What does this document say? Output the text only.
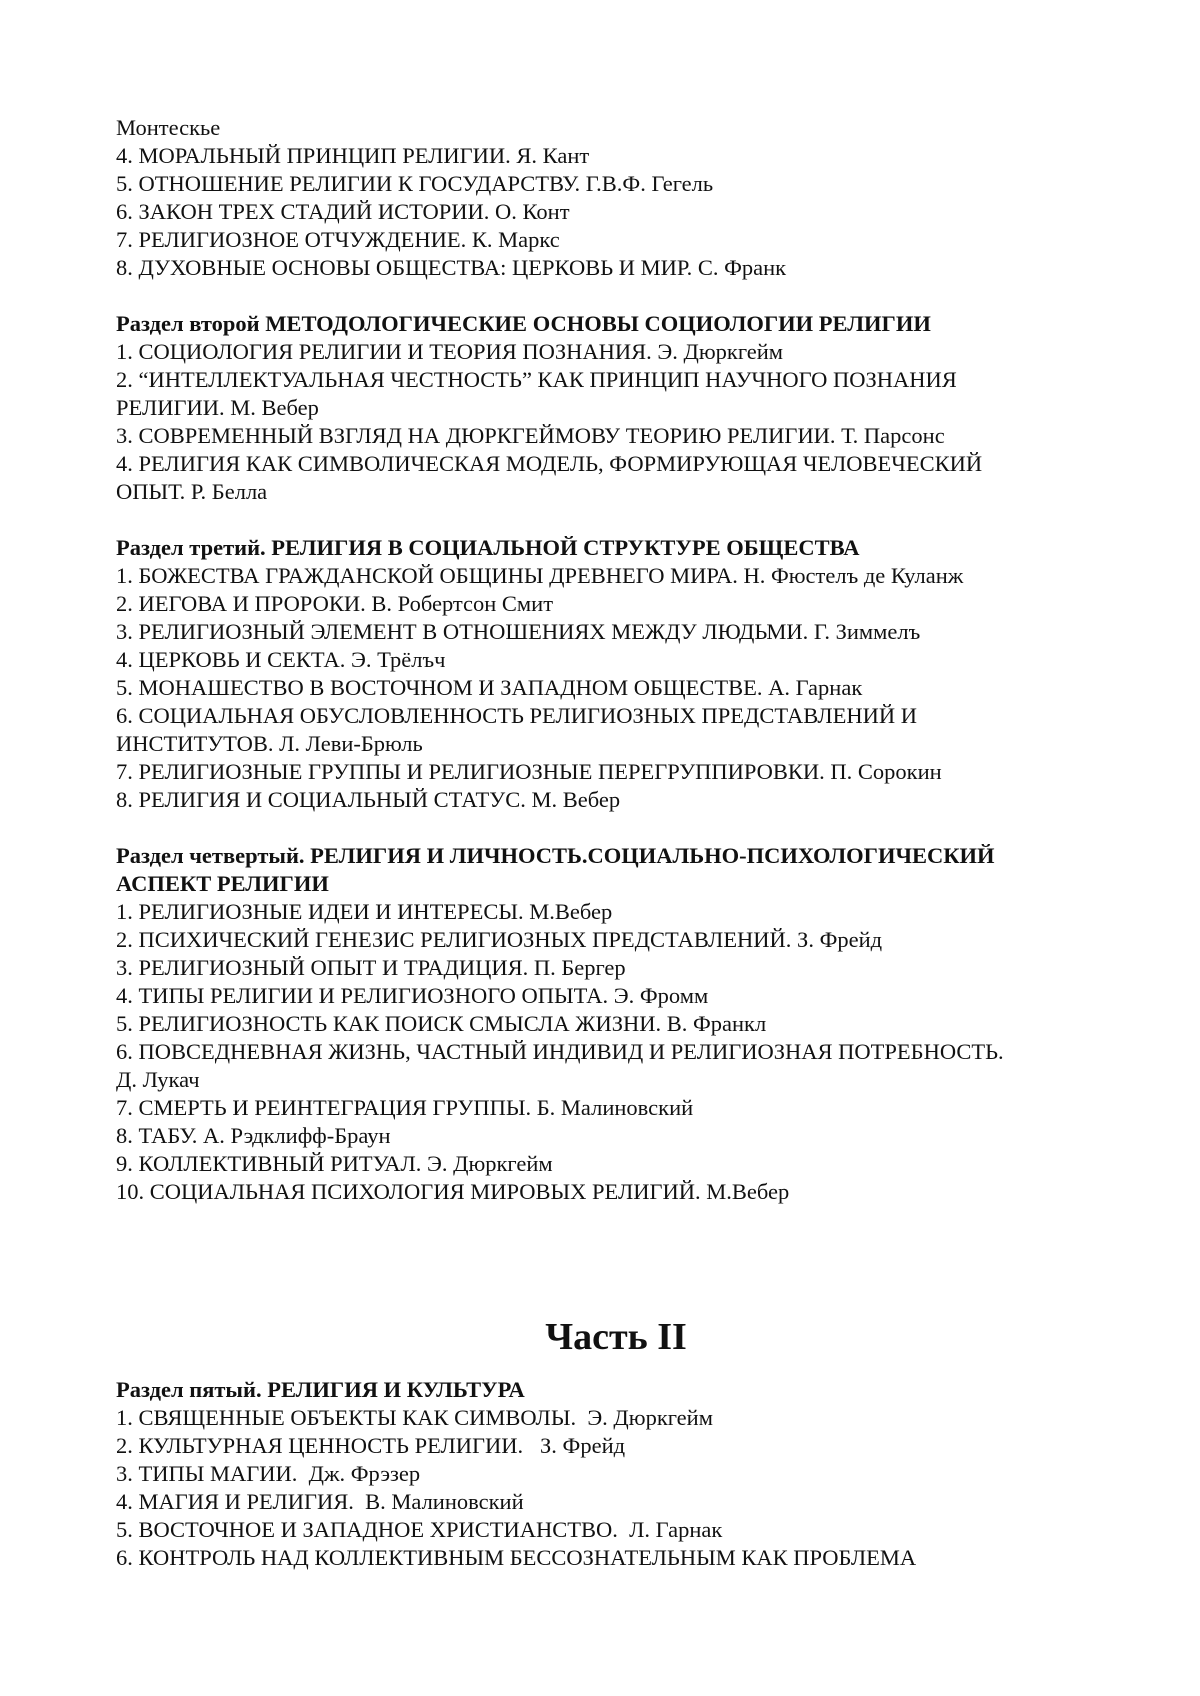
Монтескье
4. МОРАЛЬНЫЙ ПРИНЦИП РЕЛИГИИ. Я. Кант
5. ОТНОШЕНИЕ РЕЛИГИИ К ГОСУДАРСТВУ. Г.В.Ф. Гегель
6. ЗАКОН ТРЕХ СТАДИЙ ИСТОРИИ. О. Конт
7. РЕЛИГИОЗНОЕ ОТЧУЖДЕНИЕ. К. Маркс
8. ДУХОВНЫЕ ОСНОВЫ ОБЩЕСТВА: ЦЕРКОВЬ И МИР. С. Франк
Раздел второй МЕТОДОЛОГИЧЕСКИЕ ОСНОВЫ СОЦИОЛОГИИ РЕЛИГИИ
1. СОЦИОЛОГИЯ РЕЛИГИИ И ТЕОРИЯ ПОЗНАНИЯ. Э. Дюркгейм
2. “ИНТЕЛЛЕКТУАЛЬНАЯ ЧЕСТНОСТЬ” КАК ПРИНЦИП НАУЧНОГО ПОЗНАНИЯ
РЕЛИГИИ. М. Вебер
3. СОВРЕМЕННЫЙ ВЗГЛЯД НА ДЮРКГЕЙМОВУ ТЕОРИЮ РЕЛИГИИ. Т. Парсонс
4. РЕЛИГИЯ КАК СИМВОЛИЧЕСКАЯ МОДЕЛЬ, ФОРМИРУЮЩАЯ ЧЕЛОВЕЧЕСКИЙ
ОПЫТ. Р. Белла
Раздел третий. РЕЛИГИЯ В СОЦИАЛЬНОЙ СТРУКТУРЕ ОБЩЕСТВА
1. БОЖЕСТВА ГРАЖДАНСКОЙ ОБЩИНЫ ДРЕВНЕГО МИРА. Н. Фюстелъ де Куланж
2. ИЕГОВА И ПРОРОКИ. В. Робертсон Смит
3. РЕЛИГИОЗНЫЙ ЭЛЕМЕНТ В ОТНОШЕНИЯХ МЕЖДУ ЛЮДЬМИ. Г. Зиммелъ
4. ЦЕРКОВЬ И СЕКТА. Э. Трёлъч
5. МОНАШЕСТВО В ВОСТОЧНОМ И ЗАПАДНОМ ОБЩЕСТВЕ. А. Гарнак
6. СОЦИАЛЬНАЯ ОБУСЛОВЛЕННОСТЬ РЕЛИГИОЗНЫХ ПРЕДСТАВЛЕНИЙ И
ИНСТИТУТОВ. Л. Леви-Брюль
7. РЕЛИГИОЗНЫЕ ГРУППЫ И РЕЛИГИОЗНЫЕ ПЕРЕГРУППИРОВКИ. П. Сорокин
8. РЕЛИГИЯ И СОЦИАЛЬНЫЙ СТАТУС. М. Вебер
Раздел четвертый. РЕЛИГИЯ И ЛИЧНОСТЬ.СОЦИАЛЬНО-ПСИХОЛОГИЧЕСКИЙ
АСПЕКТ РЕЛИГИИ
1. РЕЛИГИОЗНЫЕ ИДЕИ И ИНТЕРЕСЫ. М.Вебер
2. ПСИХИЧЕСКИЙ ГЕНЕЗИС РЕЛИГИОЗНЫХ ПРЕДСТАВЛЕНИЙ. З. Фрейд
3. РЕЛИГИОЗНЫЙ ОПЫТ И ТРАДИЦИЯ. П. Бергер
4. ТИПЫ РЕЛИГИИ И РЕЛИГИОЗНОГО ОПЫТА. Э. Фромм
5. РЕЛИГИОЗНОСТЬ КАК ПОИСК СМЫСЛА ЖИЗНИ. В. Франкл
6. ПОВСЕДНЕВНАЯ ЖИЗНЬ, ЧАСТНЫЙ ИНДИВИД И РЕЛИГИОЗНАЯ ПОТРЕБНОСТЬ.
Д. Лукач
7. СМЕРТЬ И РЕИНТЕГРАЦИЯ ГРУППЫ. Б. Малиновский
8. ТАБУ. А. Рэдклифф-Браун
9. КОЛЛЕКТИВНЫЙ РИТУАЛ. Э. Дюркгейм
10. СОЦИАЛЬНАЯ ПСИХОЛОГИЯ МИРОВЫХ РЕЛИГИЙ. М.Вебер
Часть II
Раздел пятый. РЕЛИГИЯ И КУЛЬТУРА
1. СВЯЩЕННЫЕ ОБЪЕКТЫ КАК СИМВОЛЫ.  Э. Дюркгейм
2. КУЛЬТУРНАЯ ЦЕННОСТЬ РЕЛИГИИ.   З. Фрейд
3. ТИПЫ МАГИИ.  Дж. Фрэзер
4. МАГИЯ И РЕЛИГИЯ.  В. Малиновский
5. ВОСТОЧНОЕ И ЗАПАДНОЕ ХРИСТИАНСТВО.  Л. Гарнак
6. КОНТРОЛЬ НАД КОЛЛЕКТИВНЫМ БЕССОЗНАТЕЛЬНЫМ КАК ПРОБЛЕМА
